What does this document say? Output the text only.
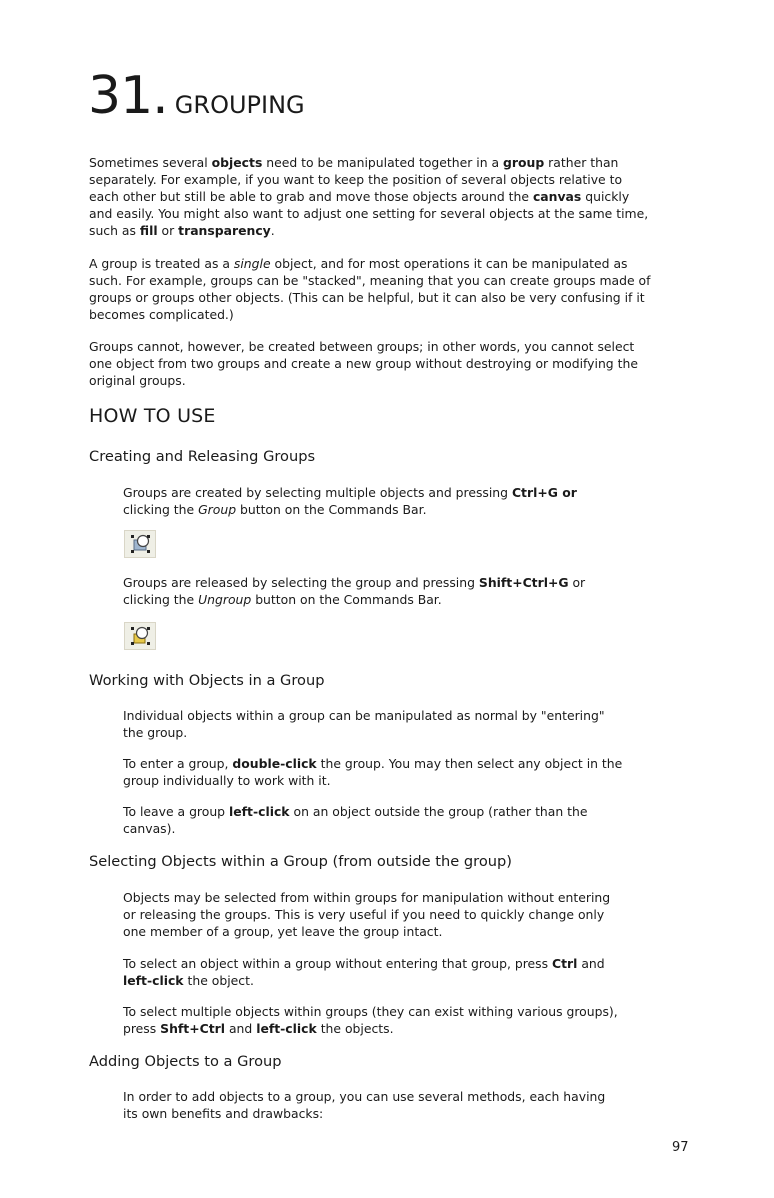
31. GROUPING

Sometimes several objects need to be manipulated together in a group rather than separately. For example, if you want to keep the position of several objects relative to each other but still be able to grab and move those objects around the canvas quickly and easily. You might also want to adjust one setting for several objects at the same time, such as fill or transparency.

A group is treated as a single object, and for most operations it can be manipulated as such. For example, groups can be "stacked", meaning that you can create groups made of groups or groups other objects. (This can be helpful, but it can also be very confusing if it becomes complicated.)

Groups cannot, however, be created between groups; in other words, you cannot select one object from two groups and create a new group without destroying or modifying the original groups.

HOW TO USE
Creating and Releasing Groups

Groups are created by selecting multiple objects and pressing Ctrl+G or clicking the Group button on the Commands Bar.

Groups are released by selecting the group and pressing Shift+Ctrl+G or clicking the Ungroup button on the Commands Bar.

Working with Objects in a Group

Individual objects within a group can be manipulated as normal by "entering" the group.

To enter a group, double-click the group. You may then select any object in the group individually to work with it.

To leave a group left-click on an object outside the group (rather than the canvas).

Selecting Objects within a Group (from outside the group)

Objects may be selected from within groups for manipulation without entering or releasing the groups. This is very useful if you need to quickly change only one member of a group, yet leave the group intact.

To select an object within a group without entering that group, press Ctrl and left-click the object.

To select multiple objects within groups (they can exist withing various groups), press Shft+Ctrl and left-click the objects.

Adding Objects to a Group

In order to add objects to a group, you can use several methods, each having its own benefits and drawbacks:

97
